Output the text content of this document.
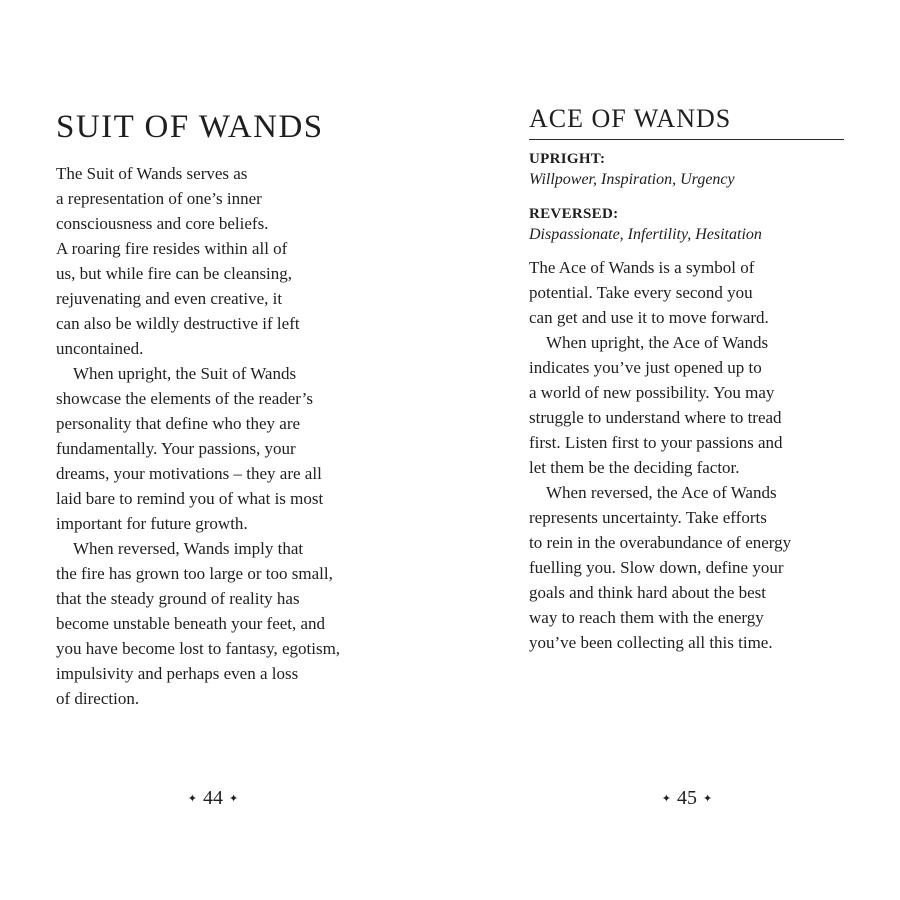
SUIT OF WANDS
The Suit of Wands serves as
a representation of one’s inner
consciousness and core beliefs.
A roaring fire resides within all of
us, but while fire can be cleansing,
rejuvenating and even creative, it
can also be wildly destructive if left
uncontained.
When upright, the Suit of Wands
showcase the elements of the reader’s
personality that define who they are
fundamentally. Your passions, your
dreams, your motivations – they are all
laid bare to remind you of what is most
important for future growth.
When reversed, Wands imply that
the fire has grown too large or too small,
that the steady ground of reality has
become unstable beneath your feet, and
you have become lost to fantasy, egotism,
impulsivity and perhaps even a loss
of direction.
ACE OF WANDS
UPRIGHT:
Willpower, Inspiration, Urgency
REVERSED:
Dispassionate, Infertility, Hesitation
The Ace of Wands is a symbol of
potential. Take every second you
can get and use it to move forward.
When upright, the Ace of Wands
indicates you’ve just opened up to
a world of new possibility. You may
struggle to understand where to tread
first. Listen first to your passions and
let them be the deciding factor.
When reversed, the Ace of Wands
represents uncertainty. Take efforts
to rein in the overabundance of energy
fuelling you. Slow down, define your
goals and think hard about the best
way to reach them with the energy
you’ve been collecting all this time.
✦ 44 ✦	✦ 45 ✦
